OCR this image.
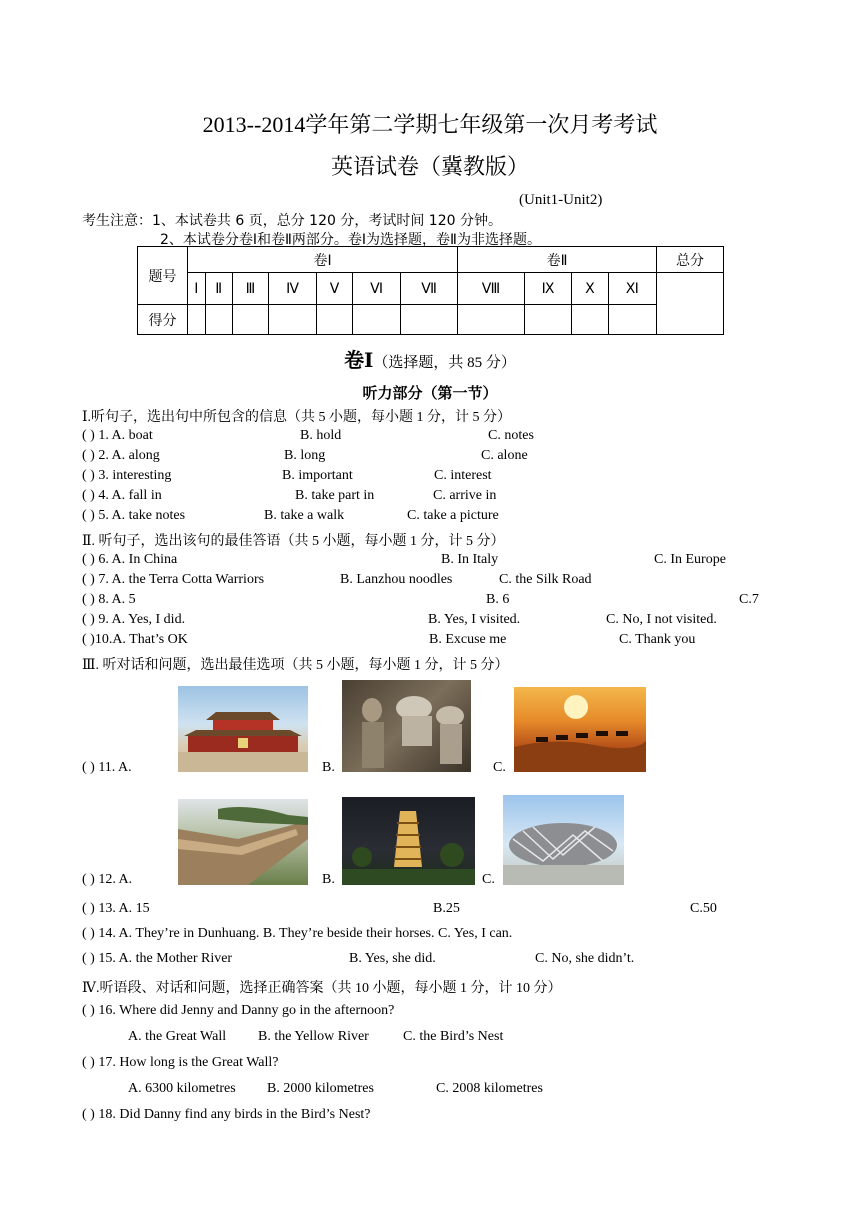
2013--2014学年第二学期七年级第一次月考考试
英语试卷（冀教版）
(Unit1-Unit2)
考生注意：1、本试卷共 6 页，总分 120 分，考试时间 120 分钟。
2、本试卷分卷Ⅰ和卷Ⅱ两部分。卷Ⅰ为选择题，卷Ⅱ为非选择题。
题号	卷Ⅰ							卷Ⅱ				总分
	Ⅰ	Ⅱ	Ⅲ	Ⅳ	Ⅴ	Ⅵ	Ⅶ	Ⅷ	Ⅸ	Ⅹ	Ⅺ	
得分												
卷Ⅰ（选择题，共 85 分）
听力部分（第一节）
Ⅰ.听句子，选出句中所包含的信息（共 5 小题，每小题 1 分，计 5 分）
( ) 1. A. boat	B. hold	C. notes
( ) 2. A. along	B. long	C. alone
( ) 3. interesting	B. important	C. interest
( ) 4. A. fall in	B. take part in	C. arrive in
( ) 5. A. take notes	B. take a walk	C. take a picture
Ⅱ. 听句子，选出该句的最佳答语（共 5 小题，每小题 1 分，计 5 分）
( ) 6. A. In China	B. In Italy	C. In Europe
( ) 7. A. the Terra Cotta Warriors	B. Lanzhou noodles	C. the Silk Road
( ) 8. A. 5	B. 6	C.7
( ) 9. A. Yes, I did.	B. Yes, I visited.	C. No, I not visited.
( )10.A. That’s OK	B. Excuse me	C. Thank you
Ⅲ. 听对话和问题，选出最佳选项（共 5 小题，每小题 1 分，计 5 分）
( ) 11. A.	B.	C.
( ) 12. A.	B.	C.
( ) 13. A. 15	B.25	C.50
( ) 14. A. They’re in Dunhuang. B. They’re beside their horses. C. Yes, I can.
( ) 15. A. the Mother River	B. Yes, she did.	C. No, she didn’t.
Ⅳ.听语段、对话和问题，选择正确答案（共 10 小题，每小题 1 分，计 10 分）
( ) 16. Where did Jenny and Danny go in the afternoon?
A. the Great Wall B. the Yellow River C. the Bird’s Nest
( ) 17. How long is the Great Wall?
A. 6300 kilometres B. 2000 kilometres	C. 2008 kilometres
( ) 18. Did Danny find any birds in the Bird’s Nest?
